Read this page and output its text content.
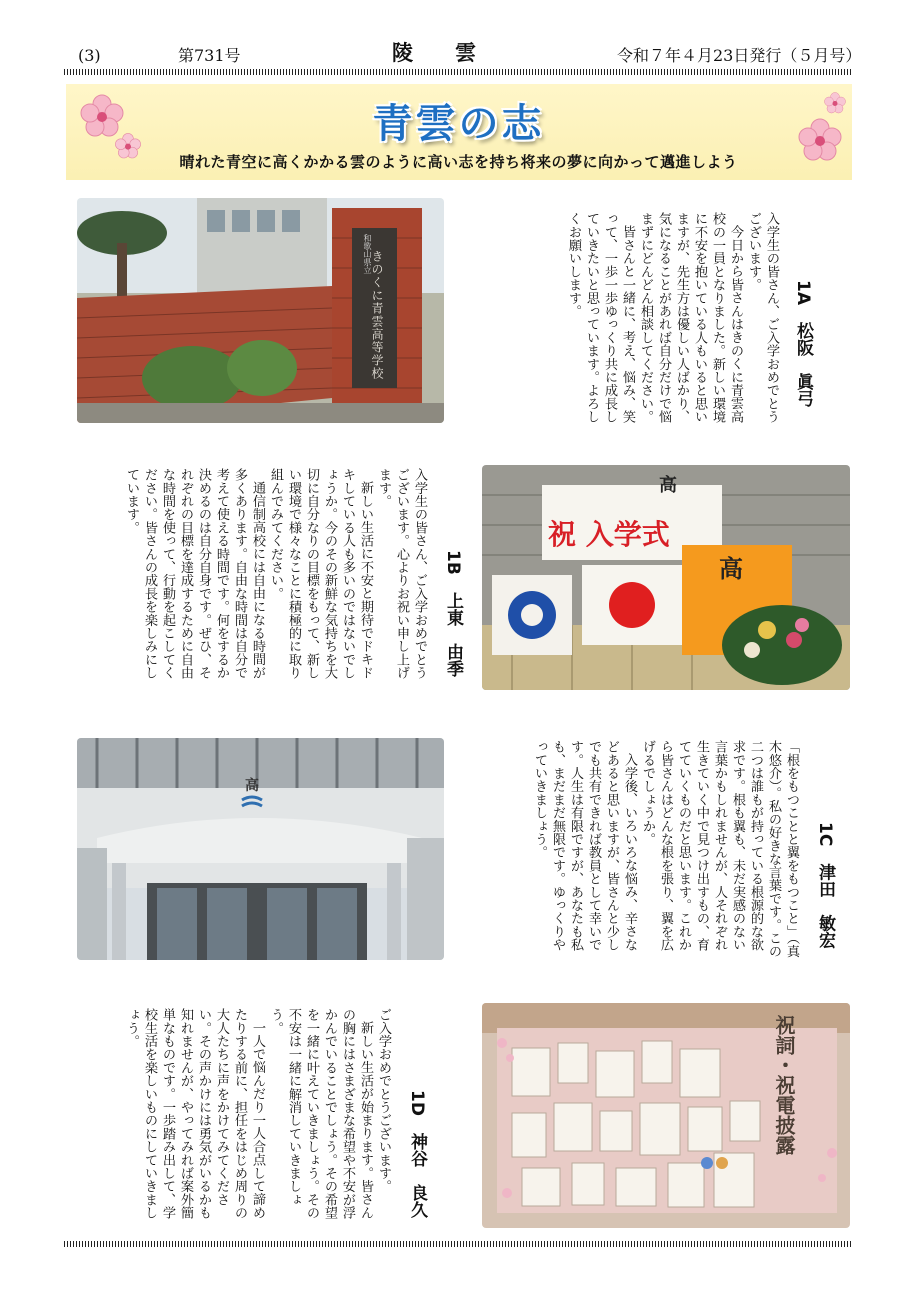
(3)	第731号	陵　　雲	令和７年４月23日発行（５月号）
青雲の志
晴れた青空に高くかかる雲のように高い志を持ち将来の夢に向かって邁進しよう
1A　松阪　眞弓

入学生の皆さん、ご入学おめでとうございます。

今日から皆さんはきのくに青雲高校の一員となりました。新しい環境に不安を抱いている人もいると思いますが、先生方は優しい人ばかり、気になることがあれば自分だけで悩まずにどんどん相談してください。

皆さんと一緒に、考え、悩み、笑って、一歩一歩ゆっくり共に成長していきたいと思っています。よろしくお願いします。

和歌山県立
きのくに青雲高等学校
1B　上東　由季

入学生の皆さん、ご入学おめでとうございます。心よりお祝い申し上げます。

新しい生活に不安と期待でドキドキしている人も多いのではないでしょうか。今のその新鮮な気持ちを大切に自分なりの目標をもって、新しい環境で様々なことに積極的に取り組んでみてください。

通信制高校には自由になる時間が多くあります。自由な時間は自分で考えて使える時間です。何をするか決めるのは自分自身です。ぜひ、それぞれの目標を達成するために自由な時間を使って、行動を起こしてください。皆さんの成長を楽しみにしています。

祝 入学式
高
高
1C　津田　敏宏

「根をもつことと翼をもつこと」（真木悠介）。私の好きな言葉です。この二つは誰もが持っている根源的な欲求です。根も翼も、未だ実感のない言葉かもしれませんが、人それぞれ生きていく中で見つけ出すもの、育てていくものだと思います。これから皆さんはどんな根を張り、翼を広げるでしょうか。

入学後、いろいろな悩み、辛さなどあると思いますが、皆さんと少しでも共有できれば教員として幸いです。人生は有限ですが、あなたも私も、まだまだ無限です。ゆっくりやっていきましょう。

高
1D　神谷　良久

ご入学おめでとうございます。

新しい生活が始まります。皆さんの胸にはさまざまな希望や不安が浮かんでいることでしょう。その希望を一緒に叶えていきましょう。その不安は一緒に解消していきましょう。

一人で悩んだり一人合点して諦めたりする前に、担任をはじめ周りの大人たちに声をかけてみてください。その声かけには勇気がいるかも知れませんが、やってみれば案外簡単なものです。一歩踏み出して、学校生活を楽しいものにしていきましょう。	祝詞・祝電披露
